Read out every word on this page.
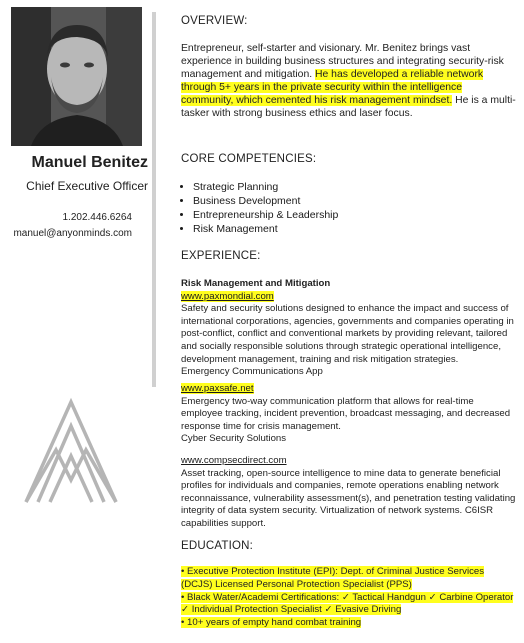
Manuel Benitez
Chief Executive Officer
1.202.446.6264
manuel@anyonminds.com
OVERVIEW:
Entrepreneur, self-starter and visionary. Mr. Benitez brings vast experience in building business structures and integrating security-risk management and mitigation. He has developed a reliable network through 5+ years in the private security within the intelligence community, which cemented his risk management mindset. He is a multi-tasker with strong business ethics and laser focus.
CORE COMPETENCIES:
• Strategic Planning
• Business Development
• Entrepreneurship & Leadership
• Risk Management
EXPERIENCE:
Risk Management and Mitigation
www.paxmondial.com
Safety and security solutions designed to enhance the impact and success of international corporations, agencies, governments and companies operating in post-conflict, conflict and conventional markets by providing relevant, tailored and socially responsible solutions through strategic operational intelligence, development management, training and risk mitigation strategies.
Emergency Communications App
www.paxsafe.net
Emergency two-way communication platform that allows for real-time employee tracking, incident prevention, broadcast messaging, and decreased response time for crisis management.
Cyber Security Solutions
www.compsecdirect.com
Asset tracking, open-source intelligence to mine data to generate beneficial profiles for individuals and companies, remote operations enabling network reconnaissance, vulnerability assessment(s), and penetration testing validating integrity of data system security. Virtualization of network systems. C6ISR capabilities support.
EDUCATION:
• Executive Protection Institute (EPI): Dept. of Criminal Justice Services (DCJS) Licensed Personal Protection Specialist (PPS)
• Black Water/Academi Certifications: ✓ Tactical Handgun ✓ Carbine Operator ✓ Individual Protection Specialist ✓ Evasive Driving
• 10+ years of empty hand combat training
